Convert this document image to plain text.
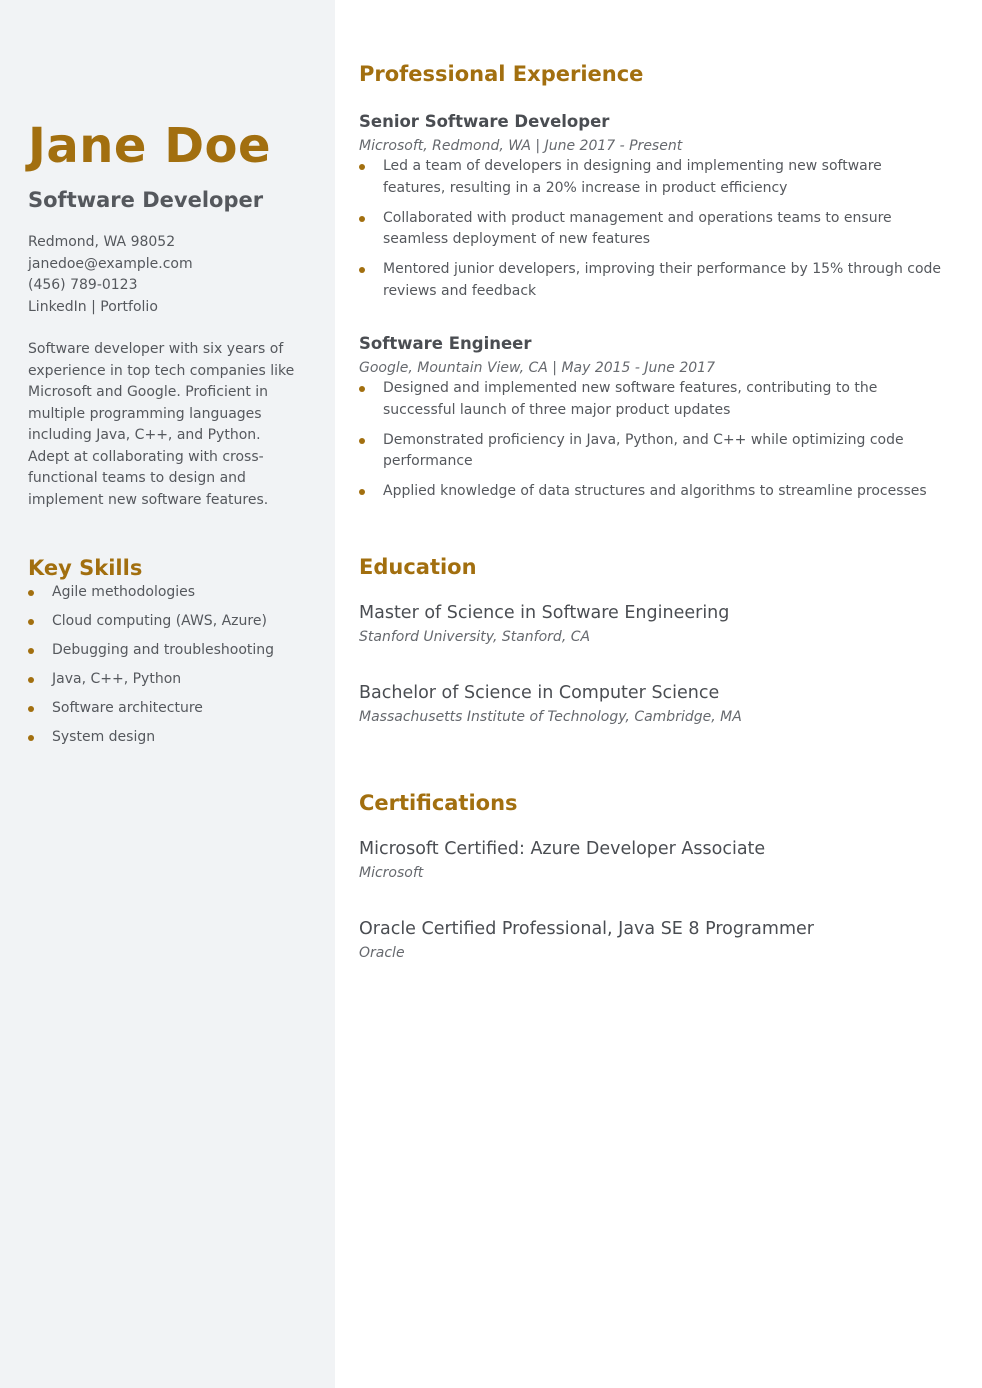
Jane Doe
Software Developer
Redmond, WA 98052
janedoe@example.com
(456) 789-0123
LinkedIn | Portfolio

Software developer with six years of experience in top tech companies like Microsoft and Google. Proficient in multiple programming languages including Java, C++, and Python. Adept at collaborating with cross-functional teams to design and implement new software features.

Key Skills
Agile methodologies
Cloud computing (AWS, Azure)
Debugging and troubleshooting
Java, C++, Python
Software architecture
System design
Professional Experience
Senior Software Developer
Microsoft, Redmond, WA | June 2017 - Present
Led a team of developers in designing and implementing new software features, resulting in a 20% increase in product efficiency
Collaborated with product management and operations teams to ensure seamless deployment of new features
Mentored junior developers, improving their performance by 15% through code reviews and feedback
Software Engineer
Google, Mountain View, CA | May 2015 - June 2017
Designed and implemented new software features, contributing to the successful launch of three major product updates
Demonstrated proficiency in Java, Python, and C++ while optimizing code performance
Applied knowledge of data structures and algorithms to streamline processes
Education
Master of Science in Software Engineering
Stanford University, Stanford, CA
Bachelor of Science in Computer Science
Massachusetts Institute of Technology, Cambridge, MA
Certifications
Microsoft Certified: Azure Developer Associate
Microsoft
Oracle Certified Professional, Java SE 8 Programmer
Oracle
